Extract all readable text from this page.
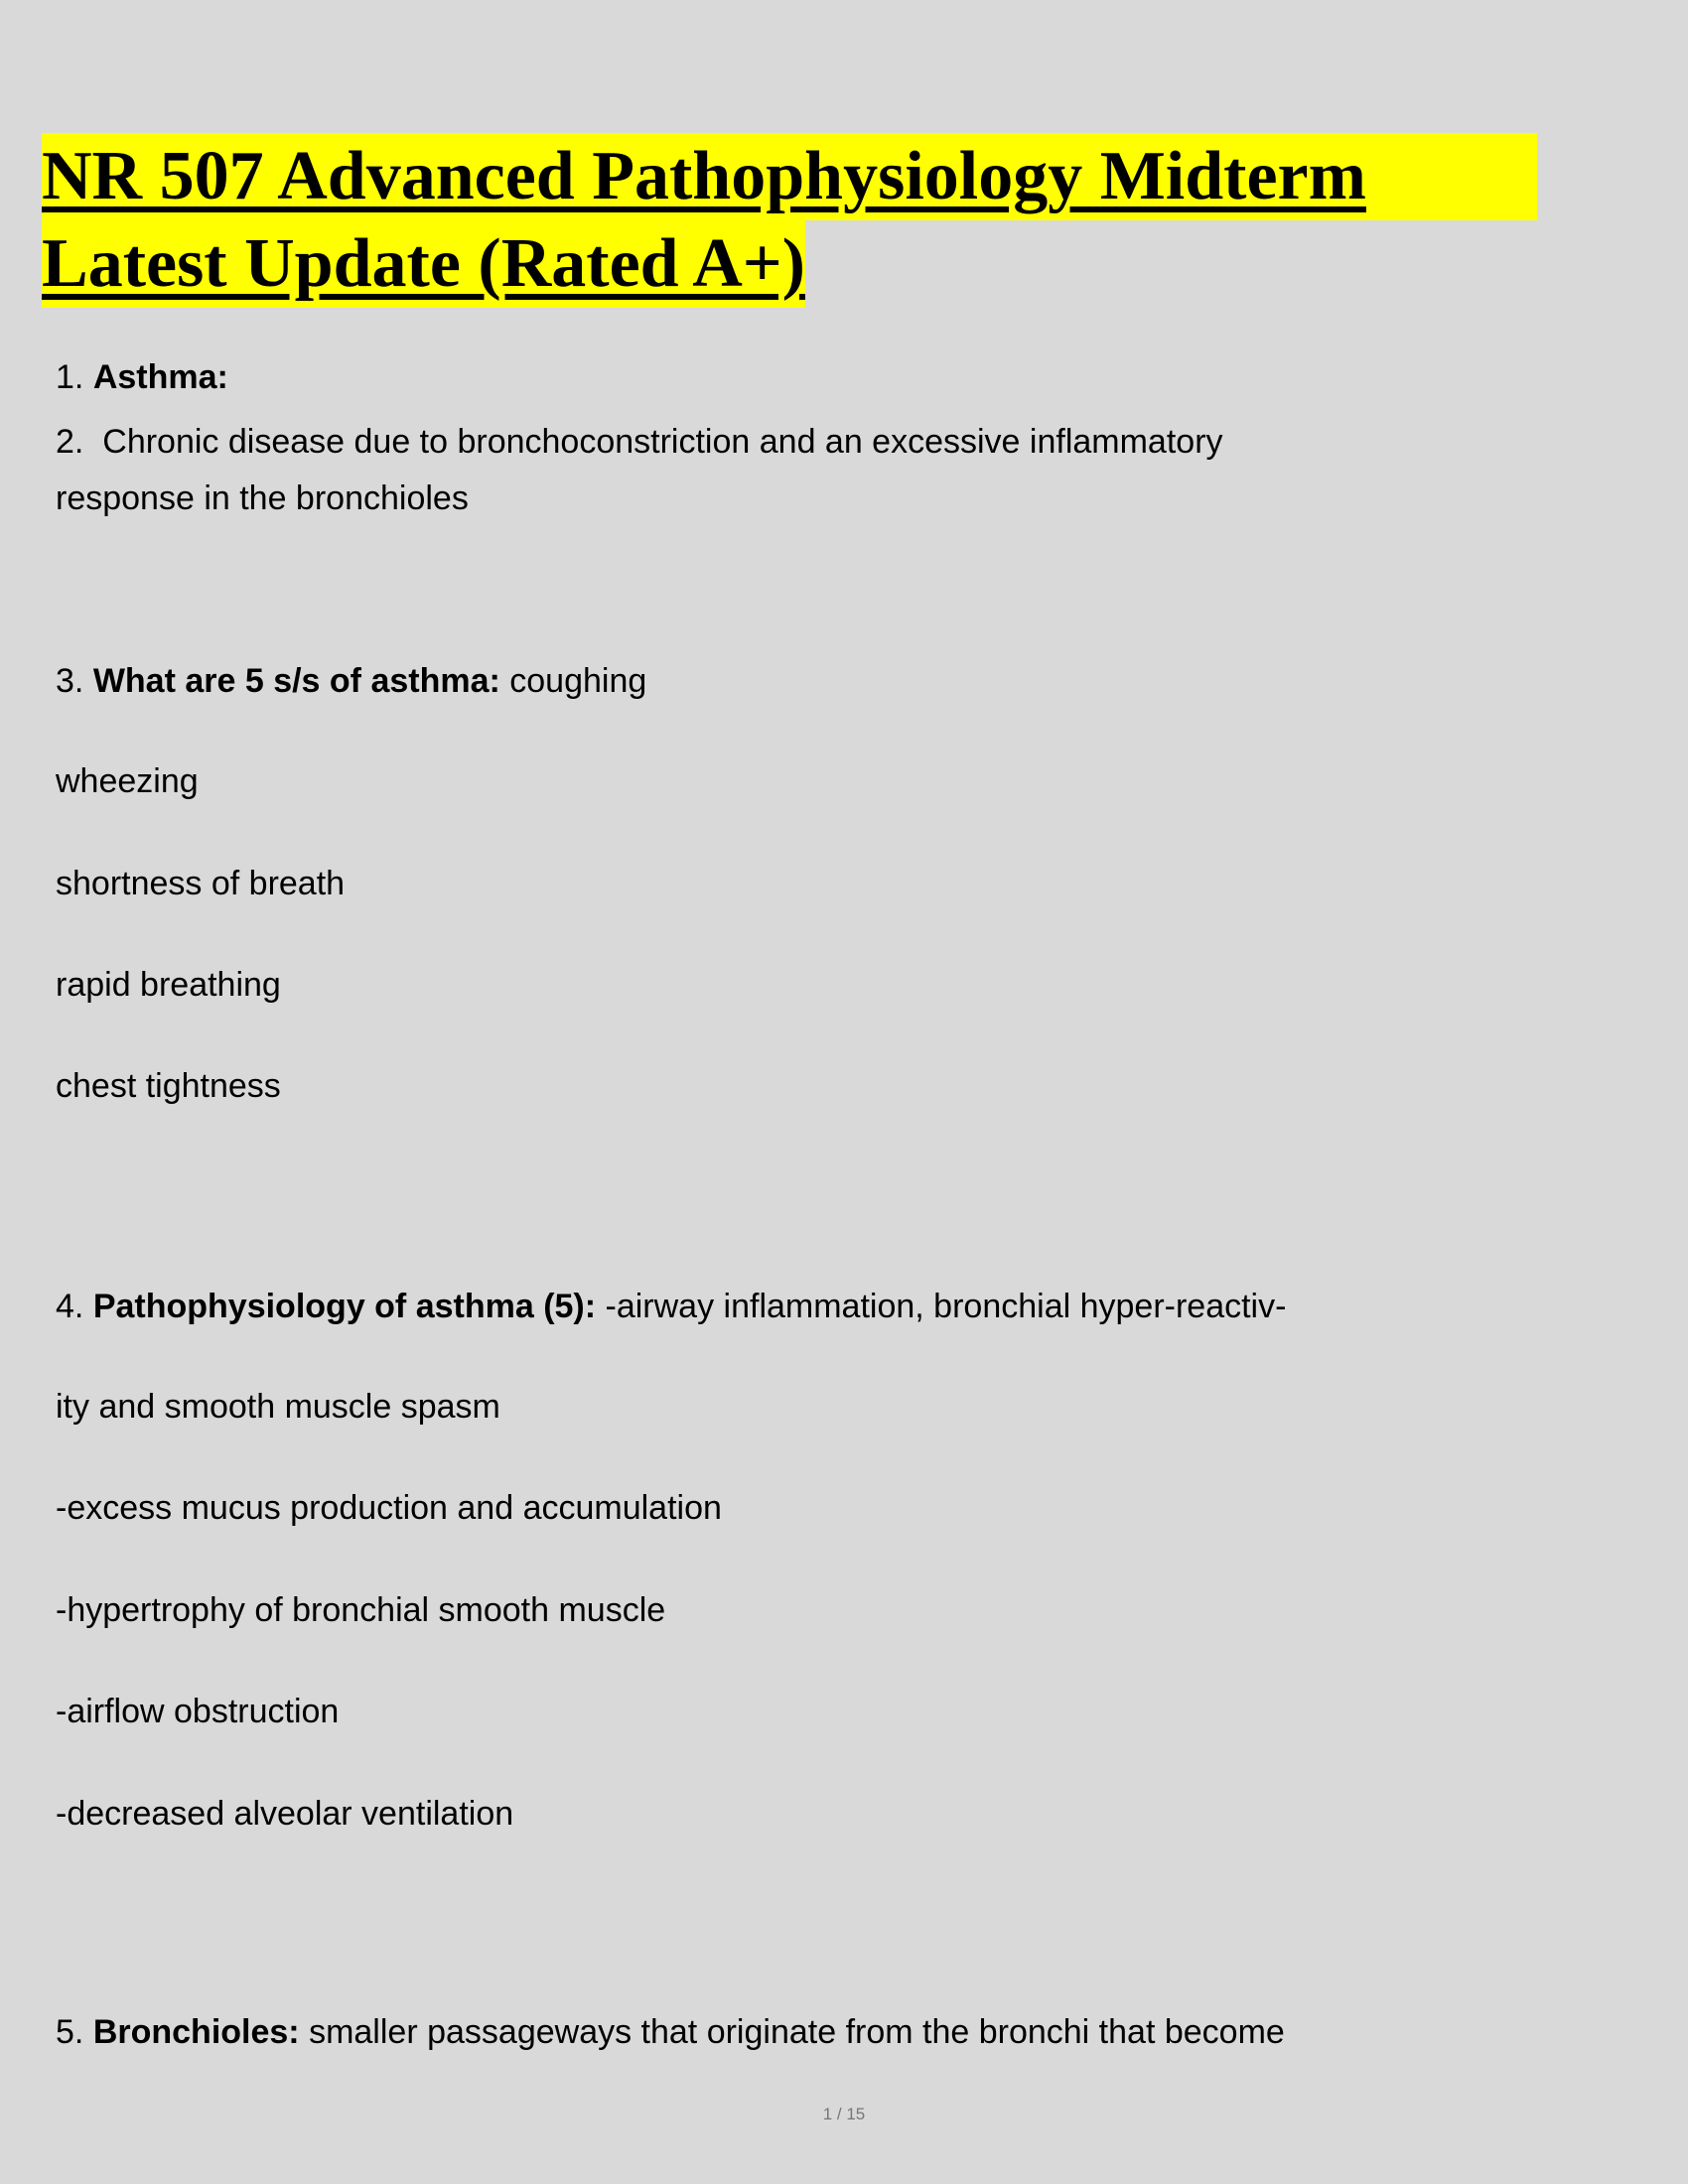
NR 507 Advanced Pathophysiology Midterm
Latest Update (Rated A+)
1. Asthma:
2.  Chronic disease due to bronchoconstriction and an excessive inflammatory
response in the bronchioles
3. What are 5 s/s of asthma: coughing
wheezing
shortness of breath
rapid breathing
chest tightness
4. Pathophysiology of asthma (5): -airway inflammation, bronchial hyper-reactiv-
ity and smooth muscle spasm
-excess mucus production and accumulation
-hypertrophy of bronchial smooth muscle
-airflow obstruction
-decreased alveolar ventilation
5. Bronchioles: smaller passageways that originate from the bronchi that become
1 / 15
